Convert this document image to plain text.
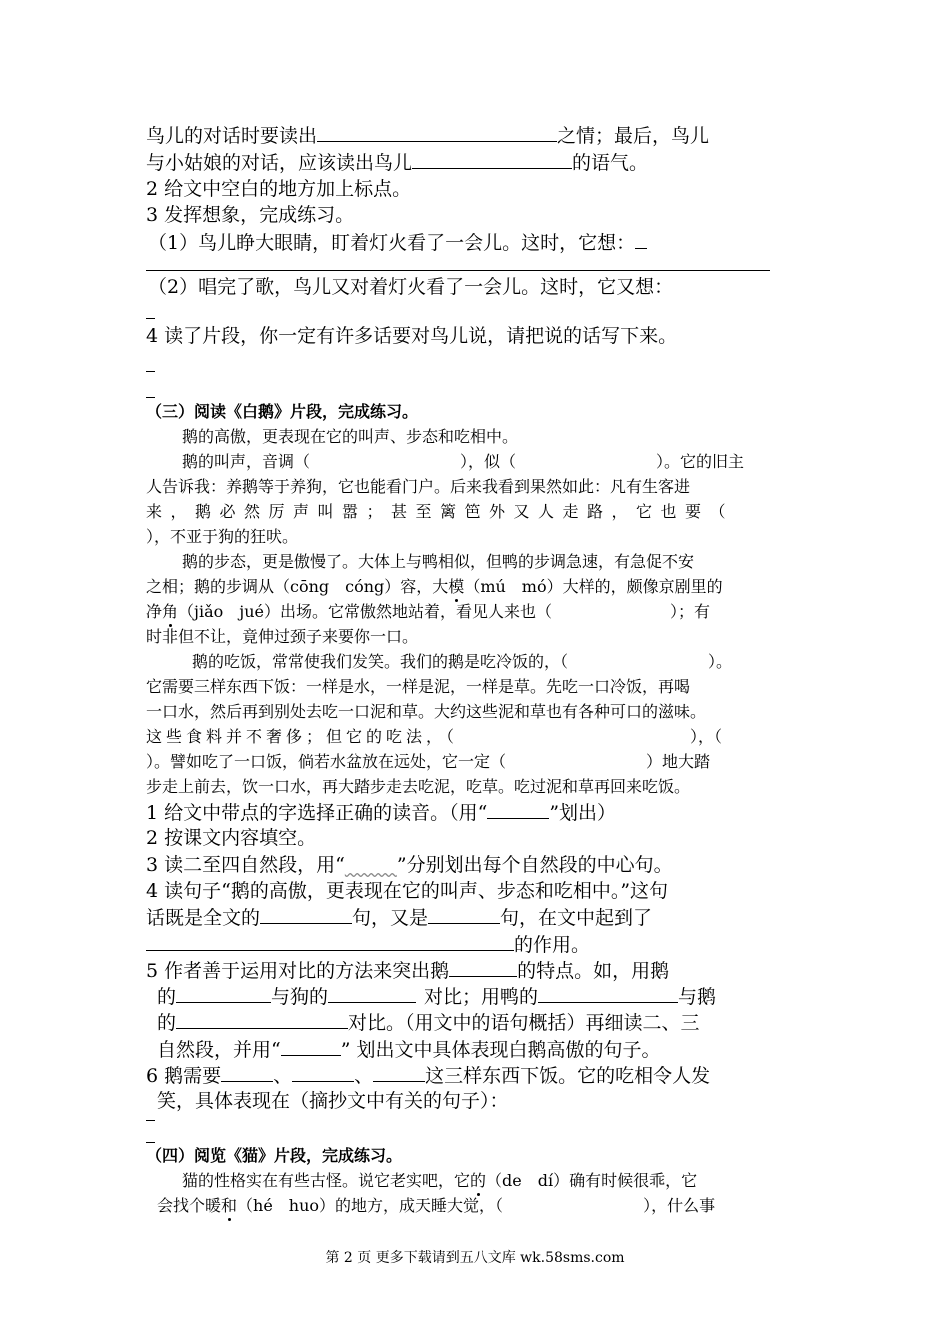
鸟儿的对话时要读出	之情；最后，鸟儿
与小姑娘的对话，应该读出鸟儿	的语气。
2 给文中空白的地方加上标点。
3 发挥想象，完成练习。
（1）鸟儿睁大眼睛，盯着灯火看了一会儿。这时，它想：
（2）唱完了歌，鸟儿又对着灯火看了一会儿。这时，它又想：
4 读了片段，你一定有许多话要对鸟儿说，请把说的话写下来。
（三）阅读《白鹅》片段，完成练习。
鹅的高傲，更表现在它的叫声、步态和吃相中。
鹅的叫声，音调（	），似（	）。它的旧主
人告诉我：养鹅等于养狗，它也能看门户。后来我看到果然如此：凡有生客进
来，鹅必然厉声叫嚣；甚至篱笆外又人走路，它也要（
），不亚于狗的狂吠。
鹅的步态，更是傲慢了。大体上与鸭相似，但鸭的步调急速，有急促不安
之相；鹅的步调从（cōng　cóng）容，大模（mú　mó）大样的，颇像京剧里的
净角（jiǎo　jué）出场。它常傲然地站着，看见人来也（	）；有
时非但不让，竟伸过颈子来要你一口。
鹅的吃饭，常常使我们发笑。我们的鹅是吃冷饭的，（	）。
它需要三样东西下饭：一样是水，一样是泥，一样是草。先吃一口冷饭，再喝
一口水，然后再到别处去吃一口泥和草。大约这些泥和草也有各种可口的滋味。
这些食料并不奢侈；但它的吃法，（	），（
）。譬如吃了一口饭，倘若水盆放在远处，它一定（	）地大踏
步走上前去，饮一口水，再大踏步走去吃泥，吃草。吃过泥和草再回来吃饭。
1 给文中带点的字选择正确的读音。（用“	”划出）
2 按课文内容填空。
3 读二至四自然段，用“	”分别划出每个自然段的中心句。
4 读句子“鹅的高傲，更表现在它的叫声、步态和吃相中。”这句
话既是全文的	句，又是	句，在文中起到了
的作用。
5 作者善于运用对比的方法来突出鹅	的特点。如，用鹅
的	与狗的	对比；用鸭的	与鹅
的	对比。（用文中的语句概括）再细读二、三
自然段，并用“	” 划出文中具体表现白鹅高傲的句子。
6 鹅需要	、	、	这三样东西下饭。它的吃相令人发
笑，具体表现在（摘抄文中有关的句子）：
（四）阅览《猫》片段，完成练习。
猫的性格实在有些古怪。说它老实吧，它的（de　dí）确有时候很乖，它
会找个暖和（hé　huo）的地方，成天睡大觉，（	），什么事
第 2 页 更多下载请到五八文库 wk.58sms.com
